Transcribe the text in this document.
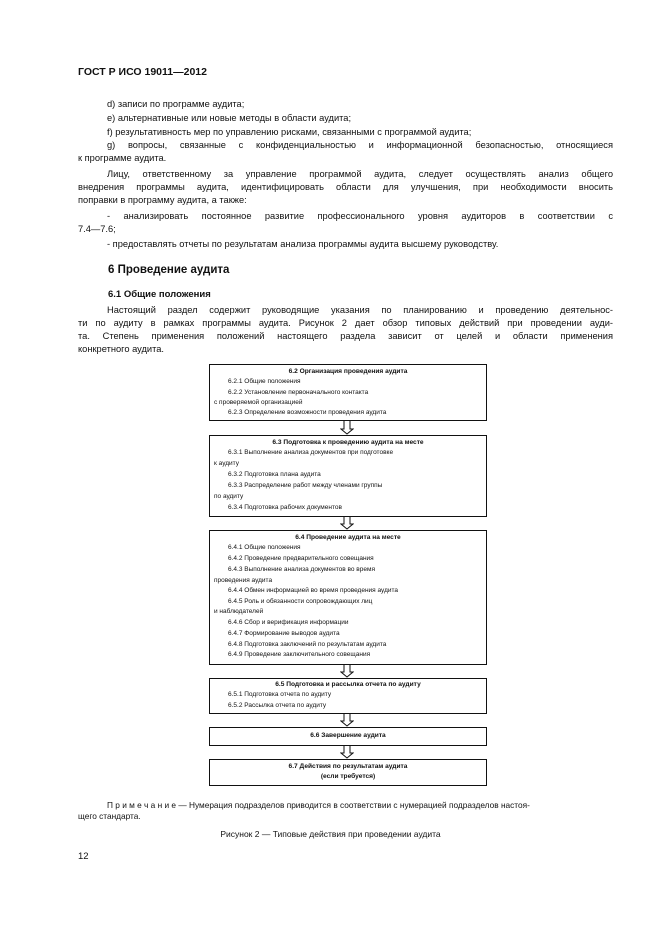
ГОСТ Р ИСО 19011—2012
d) записи по программе аудита;
e) альтернативные или новые методы в области аудита;
f) результативность мер по управлению рисками, связанными с программой аудита;
g) вопросы, связанные с конфиденциальностью и информационной безопасностью, относящиеся
к программе аудита.
Лицу, ответственному за управление программой аудита, следует осуществлять анализ общего
внедрения программы аудита, идентифицировать области для улучшения, при необходимости вносить
поправки в программу аудита, а также:
- анализировать постоянное развитие профессионального уровня аудиторов в соответствии с
7.4—7.6;
- предоставлять отчеты по результатам анализа программы аудита высшему руководству.
6 Проведение аудита
6.1 Общие положения
Настоящий раздел содержит руководящие указания по планированию и проведению деятельнос-
ти по аудиту в рамках программы аудита. Рисунок 2 дает обзор типовых действий при проведении ауди-
та. Степень применения положений настоящего раздела зависит от целей и области применения
конкретного аудита.
6.2 Организация проведения аудита
6.2.1 Общие положения
6.2.2 Установление первоначального контакта
с проверяемой организацией
6.2.3 Определение возможности проведения аудита
6.3 Подготовка к проведению аудита на месте
6.3.1 Выполнение анализа документов при подготовке
к аудиту
6.3.2 Подготовка плана аудита
6.3.3 Распределение работ между членами группы
по аудиту
6.3.4 Подготовка рабочих документов
6.4 Проведение аудита на месте
6.4.1 Общие положения
6.4.2 Проведение предварительного совещания
6.4.3 Выполнение анализа документов во время
проведения аудита
6.4.4 Обмен информацией во время проведения аудита
6.4.5 Роль и обязанности сопровождающих лиц
и наблюдателей
6.4.6 Сбор и верификация информации
6.4.7 Формирование выводов аудита
6.4.8 Подготовка заключений по результатам аудита
6.4.9 Проведение заключительного совещания
6.5 Подготовка и рассылка отчета по аудиту
6.5.1 Подготовка отчета по аудиту
6.5.2 Рассылка отчета по аудиту
6.6 Завершение аудита
6.7 Действия по результатам аудита
(если требуется)
П р и м е ч а н и е — Нумерация подразделов приводится в соответствии с нумерацией подразделов настоя-
щего стандарта.
Рисунок 2 — Типовые действия при проведении аудита
12
